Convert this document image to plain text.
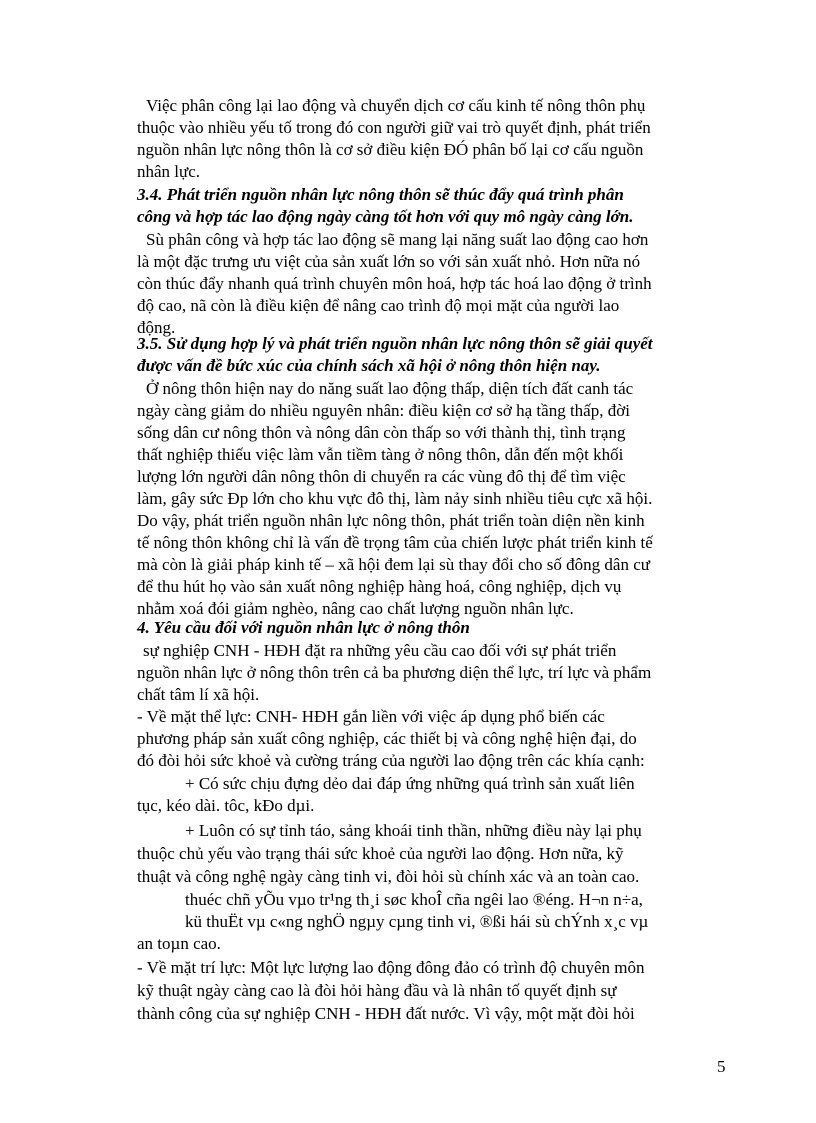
Việc phân công lại lao động và chuyển dịch cơ cấu kinh tế nông thôn phụ
thuộc vào nhiều yếu tố trong đó con người giữ vai trò quyết định, phát triển
nguồn nhân lực nông thôn là cơ sở điều kiện ĐÓ phân bố lại cơ cấu nguồn
nhân lực.
3.4. Phát triển nguồn nhân lực nông thôn sẽ thúc đẩy quá trình phân
công và hợp tác lao động ngày càng tốt hơn với quy mô ngày càng lớn.
Sù phân công và hợp tác lao động sẽ mang lại năng suất lao động cao hơn
là một đặc trưng ưu việt của sản xuất lớn so với sản xuất nhỏ. Hơn nữa nó
còn thúc đẩy nhanh quá trình chuyên môn hoá, hợp tác hoá lao động ở trình
độ cao, nã còn là điều kiện để nâng cao trình độ mọi mặt của người lao
động.
3.5. Sử dụng hợp lý và phát triển nguồn nhân lực nông thôn sẽ giải quyết
được vấn đề bức xúc của chính sách xã hội ở nông thôn hiện nay.
Ở nông thôn hiện nay do năng suất lao động thấp, diện tích đất canh tác
ngày càng giảm do nhiều nguyên nhân: điều kiện cơ sở hạ tầng thấp, đời
sống dân cư nông thôn và nông dân còn thấp so với thành thị, tình trạng
thất nghiệp thiếu việc làm vẫn tiềm tàng ở nông thôn, dẫn đến một khối
lượng lớn người dân nông thôn di chuyển ra các vùng đô thị để tìm việc
làm, gây sức Ðp lớn cho khu vực đô thị, làm nảy sinh nhiều tiêu cực xã hội.
Do vậy, phát triển nguồn nhân lực nông thôn, phát triển toàn diện nền kinh
tế nông thôn không chỉ là vấn đề trọng tâm của chiến lược phát triển kinh tế
mà còn là giải pháp kinh tế – xã hội đem lại sù thay đổi cho số đông dân cư
để thu hút họ vào sản xuất nông nghiệp hàng hoá, công nghiệp, dịch vụ
nhằm xoá đói giảm nghèo, nâng cao chất lượng nguồn nhân lực.
4. Yêu cầu đối với nguồn nhân lực ở nông thôn
sự nghiệp CNH - HĐH đặt ra những yêu cầu cao đối với sự phát triển
nguồn nhân lực ở nông thôn trên cả ba phương diện thể lực, trí lực và phẩm
chất tâm lí xã hội.
- Về mặt thể lực: CNH- HĐH gắn liền với việc áp dụng phổ biến các
phương pháp sản xuất công nghiệp, các thiết bị và công nghệ hiện đại, do
đó đòi hỏi sức khoẻ và cường tráng của người lao động trên các khía cạnh:
+ Có sức chịu đựng dẻo dai đáp ứng những quá trình sản xuất liên
tục, kéo dài. tôc, kĐo dµi.
+ Luôn có sự tỉnh táo, sảng khoái tinh thần, những điều này lại phụ
thuộc chủ yếu vào trạng thái sức khoẻ của người lao động. Hơn nữa, kỹ
thuật và công nghệ ngày càng tinh vi, đòi hỏi sù chính xác và an toàn cao.
thuéc chñ yÕu vµo tr¹ng th¸i søc khoÎ cña ngêi lao ®éng. H¬n n÷a,
kü thuËt vµ c«ng nghÖ ngµy cµng tinh vi, ®ßi hái sù chÝnh x¸c vµ
an toµn cao.
- Về mặt trí lực: Một lực lượng lao động đông đảo có trình độ chuyên môn
kỹ thuật ngày càng cao là đòi hỏi hàng đầu và là nhân tố quyết định sự
thành công của sự nghiệp CNH - HĐH đất nước. Vì vậy, một mặt đòi hỏi
5
